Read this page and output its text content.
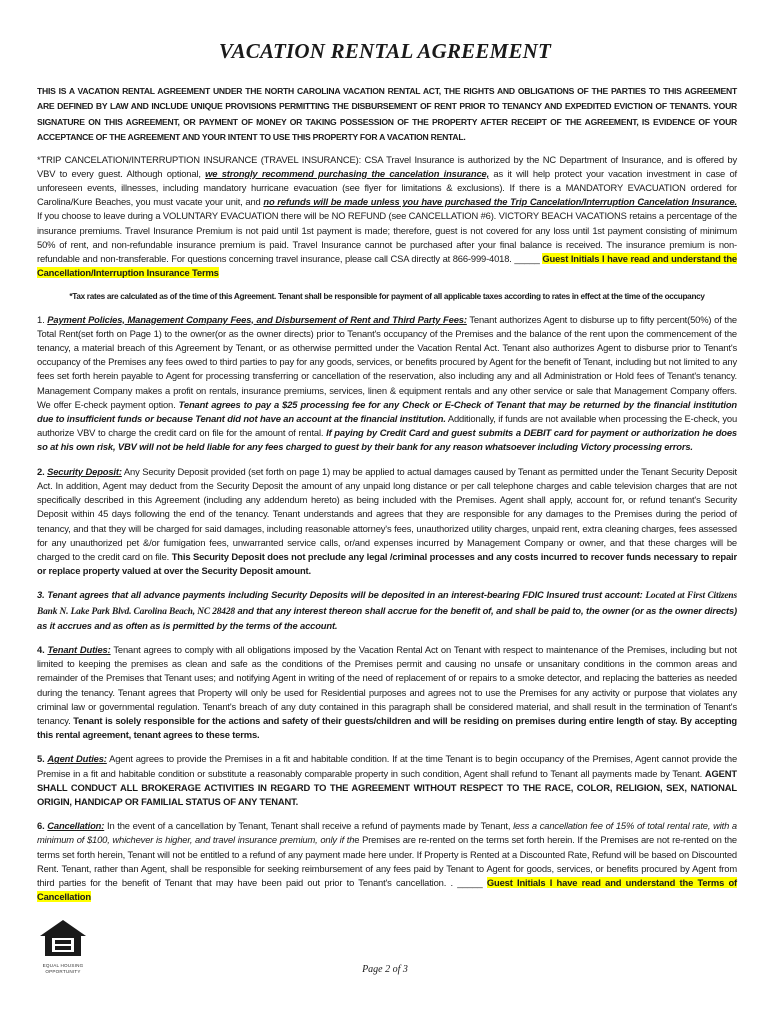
VACATION RENTAL AGREEMENT
THIS IS A VACATION RENTAL AGREEMENT UNDER THE NORTH CAROLINA VACATION RENTAL ACT, THE RIGHTS AND OBLIGATIONS OF THE PARTIES TO THIS AGREEMENT ARE DEFINED BY LAW AND INCLUDE UNIQUE PROVISIONS PERMITTING THE DISBURSEMENT OF RENT PRIOR TO TENANCY AND EXPEDITED EVICTION OF TENANTS. YOUR SIGNATURE ON THIS AGREEMENT, OR PAYMENT OF MONEY OR TAKING POSSESSION OF THE PROPERTY AFTER RECEIPT OF THE AGREEMENT, IS EVIDENCE OF YOUR ACCEPTANCE OF THE AGREEMENT AND YOUR INTENT TO USE THIS PROPERTY FOR A VACATION RENTAL.
*TRIP CANCELATION/INTERRUPTION INSURANCE (TRAVEL INSURANCE): CSA Travel Insurance is authorized by the NC Department of Insurance, and is offered by VBV to every guest. Although optional, we strongly recommend purchasing the cancelation insurance, as it will help protect your vacation investment in case of unforeseen events, illnesses, including mandatory hurricane evacuation (see flyer for limitations & exclusions). If there is a MANDATORY EVACUATION ordered for Carolina/Kure Beaches, you must vacate your unit, and no refunds will be made unless you have purchased the Trip Cancelation/Interruption Cancelation Insurance. If you choose to leave during a VOLUNTARY EVACUATION there will be NO REFUND (see CANCELLATION #6). VICTORY BEACH VACATIONS retains a percentage of the insurance premiums. Travel Insurance Premium is not paid until 1st payment is made; therefore, guest is not covered for any loss until 1st payment consisting of minimum 50% of rent, and non-refundable insurance premium is paid. Travel Insurance cannot be purchased after your final balance is received. The insurance premium is non-refundable and non-transferable. For questions concerning travel insurance, please call CSA directly at 866-999-4018. _____ Guest Initials I have read and understand the Cancellation/Interruption Insurance Terms
*Tax rates are calculated as of the time of this Agreement. Tenant shall be responsible for payment of all applicable taxes according to rates in effect at the time of the occupancy
1. Payment Policies, Management Company Fees, and Disbursement of Rent and Third Party Fees: Tenant authorizes Agent to disburse up to fifty percent(50%) of the Total Rent(set forth on Page 1) to the owner(or as the owner directs) prior to Tenant's occupancy of the Premises and the balance of the rent upon the commencement of the tenancy, a material breach of this Agreement by Tenant, or as otherwise permitted under the Vacation Rental Act. Tenant also authorizes Agent to disburse prior to Tenant's occupancy of the Premises any fees owed to third parties to pay for any goods, services, or benefits procured by Agent for the benefit of Tenant, including but not limited to any fees set forth herein payable to Agent for processing transferring or cancellation of the reservation, also including any and all Administration or Hold fees of Tenant's tenancy. Management Company makes a profit on rentals, insurance premiums, services, linen & equipment rentals and any other service or sale that Management Company offers. We offer E-check payment option. Tenant agrees to pay a $25 processing fee for any Check or E-Check of Tenant that may be returned by the financial institution due to insufficient funds or because Tenant did not have an account at the financial institution. Additionally, if funds are not available when processing the E-check, you authorize VBV to charge the credit card on file for the amount of rental. If paying by Credit Card and guest submits a DEBIT card for payment or authorization he does so at his own risk, VBV will not be held liable for any fees charged to guest by their bank for any reason whatsoever including Victory processing errors.
2. Security Deposit: Any Security Deposit provided (set forth on page 1) may be applied to actual damages caused by Tenant as permitted under the Tenant Security Deposit Act. In addition, Agent may deduct from the Security Deposit the amount of any unpaid long distance or per call telephone charges and cable television charges that are not specifically described in this Agreement (including any addendum hereto) as being included with the Premises. Agent shall apply, account for, or refund tenant's Security Deposit within 45 days following the end of the tenancy. Tenant understands and agrees that they are responsible for any damages to the Premises during the period of tenancy, and that they will be charged for said damages, including reasonable attorney's fees, unauthorized utility charges, unpaid rent, extra cleaning charges, fees assessed for any unauthorized pet &/or fumigation fees, unwarranted service calls, or/and expenses incurred by Management Company or owner, and that these charges will be charged to the credit card on file. This Security Deposit does not preclude any legal /criminal processes and any costs incurred to recover funds necessary to repair or replace property valued at over the Security Deposit amount.
3. Tenant agrees that all advance payments including Security Deposits will be deposited in an interest-bearing FDIC Insured trust account: Located at First Citizens Bank N. Lake Park Blvd. Carolina Beach, NC 28428 and that any interest thereon shall accrue for the benefit of, and shall be paid to, the owner (or as the owner directs) as it accrues and as often as is permitted by the terms of the account.
4. Tenant Duties: Tenant agrees to comply with all obligations imposed by the Vacation Rental Act on Tenant with respect to maintenance of the Premises, including but not limited to keeping the premises as clean and safe as the conditions of the Premises permit and causing no unsafe or unsanitary conditions in the common areas and remainder of the Premises that Tenant uses; and notifying Agent in writing of the need of replacement of or repairs to a smoke detector, and replacing the batteries as needed during the tenancy. Tenant agrees that Property will only be used for Residential purposes and agrees not to use the Premises for any activity or purpose that violates any criminal law or governmental regulation. Tenant's breach of any duty contained in this paragraph shall be considered material, and shall result in the termination of Tenant's tenancy. Tenant is solely responsible for the actions and safety of their guests/children and will be residing on premises during entire length of stay. By accepting this rental agreement, tenant agrees to these terms.
5. Agent Duties: Agent agrees to provide the Premises in a fit and habitable condition. If at the time Tenant is to begin occupancy of the Premises, Agent cannot provide the Premise in a fit and habitable condition or substitute a reasonably comparable property in such condition, Agent shall refund to Tenant all payments made by Tenant. AGENT SHALL CONDUCT ALL BROKERAGE ACTIVITIES IN REGARD TO THE AGREEMENT WITHOUT RESPECT TO THE RACE, COLOR, RELIGION, SEX, NATIONAL ORIGIN, HANDICAP OR FAMILIAL STATUS OF ANY TENANT.
6. Cancellation: In the event of a cancellation by Tenant, Tenant shall receive a refund of payments made by Tenant, less a cancellation fee of 15% of total rental rate, with a minimum of $100, whichever is higher, and travel insurance premium, only if the Premises are re-rented on the terms set forth herein. If the Premises are not re-rented on the terms set forth herein, Tenant will not be entitled to a refund of any payment made here under. If Property is Rented at a Discounted Rate, Refund will be based on Discounted Rent. Tenant, rather than Agent, shall be responsible for seeking reimbursement of any fees paid by Tenant to Agent for goods, services, or benefits procured by Agent from third parties for the benefit of Tenant that may have been paid out prior to Tenant's cancellation. . _____ Guest Initials I have read and understand the Terms of Cancellation
EQUAL HOUSING
OPPORTUNITY	Page 2 of 3
